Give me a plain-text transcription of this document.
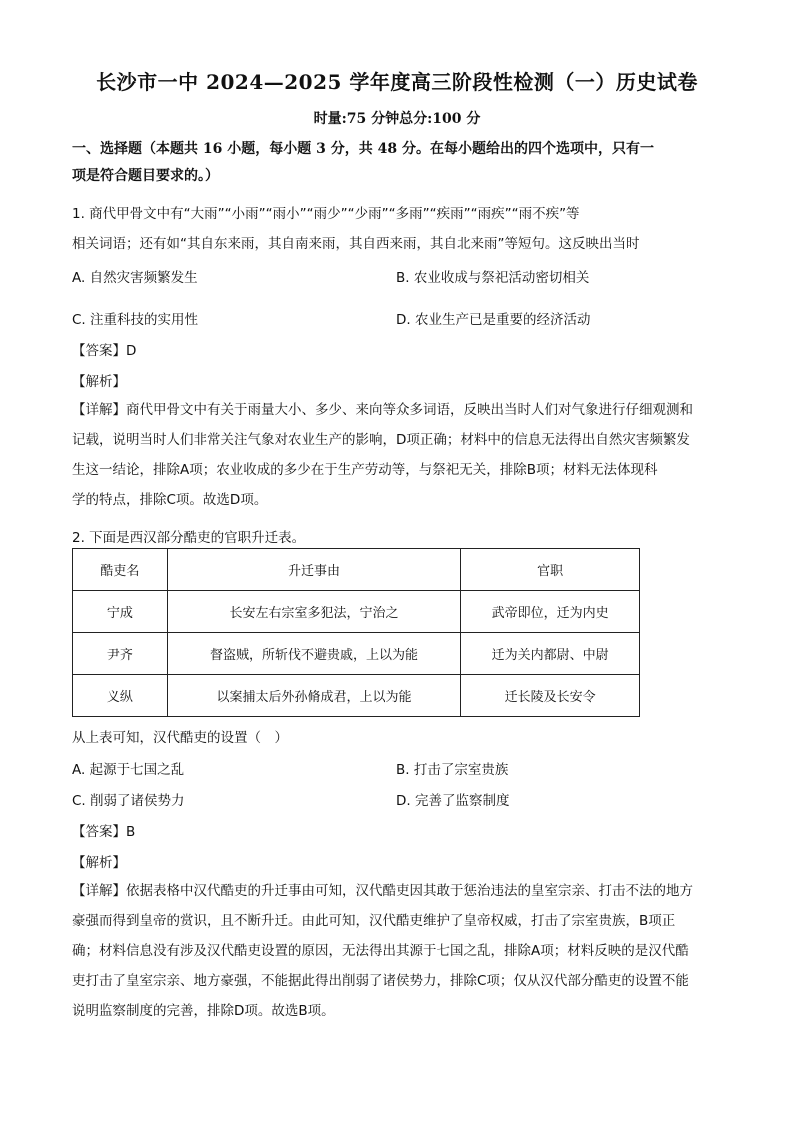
长沙市一中 2024—2025 学年度高三阶段性检测（一）历史试卷
时量:75 分钟总分:100 分
一、选择题（本题共 16 小题，每小题 3 分，共 48 分。在每小题给出的四个选项中，只有一
项是符合题目要求的。）
1. 商代甲骨文中有“大雨”“小雨”“雨小”“雨少”“少雨”“多雨”“疾雨”“雨疾”“雨不疾”等
相关词语；还有如“其自东来雨，其自南来雨，其自西来雨，其自北来雨”等短句。这反映出当时
A. 自然灾害频繁发生	B. 农业收成与祭祀活动密切相关
C. 注重科技的实用性	D. 农业生产已是重要的经济活动
【答案】D
【解析】
【详解】商代甲骨文中有关于雨量大小、多少、来向等众多词语，反映出当时人们对气象进行仔细观测和
记载，说明当时人们非常关注气象对农业生产的影响，D项正确；材料中的信息无法得出自然灾害频繁发
生这一结论，排除A项；农业收成的多少在于生产劳动等，与祭祀无关，排除B项；材料无法体现科
学的特点，排除C项。故选D项。
2. 下面是西汉部分酷吏的官职升迁表。
酷吏名	升迁事由	官职
宁成	长安左右宗室多犯法，宁治之	武帝即位，迁为内史
尹齐	督盗贼，所斩伐不避贵戚，上以为能	迁为关内都尉、中尉
义纵	以案捕太后外孙脩成君，上以为能	迁长陵及长安令
从上表可知，汉代酷吏的设置（　）
A. 起源于七国之乱	B. 打击了宗室贵族
C. 削弱了诸侯势力	D. 完善了监察制度
【答案】B
【解析】
【详解】依据表格中汉代酷吏的升迁事由可知，汉代酷吏因其敢于惩治违法的皇室宗亲、打击不法的地方
豪强而得到皇帝的赏识，且不断升迁。由此可知，汉代酷吏维护了皇帝权威，打击了宗室贵族，B项正
确；材料信息没有涉及汉代酷吏设置的原因，无法得出其源于七国之乱，排除A项；材料反映的是汉代酷
吏打击了皇室宗亲、地方豪强，不能据此得出削弱了诸侯势力，排除C项；仅从汉代部分酷吏的设置不能
说明监察制度的完善，排除D项。故选B项。
